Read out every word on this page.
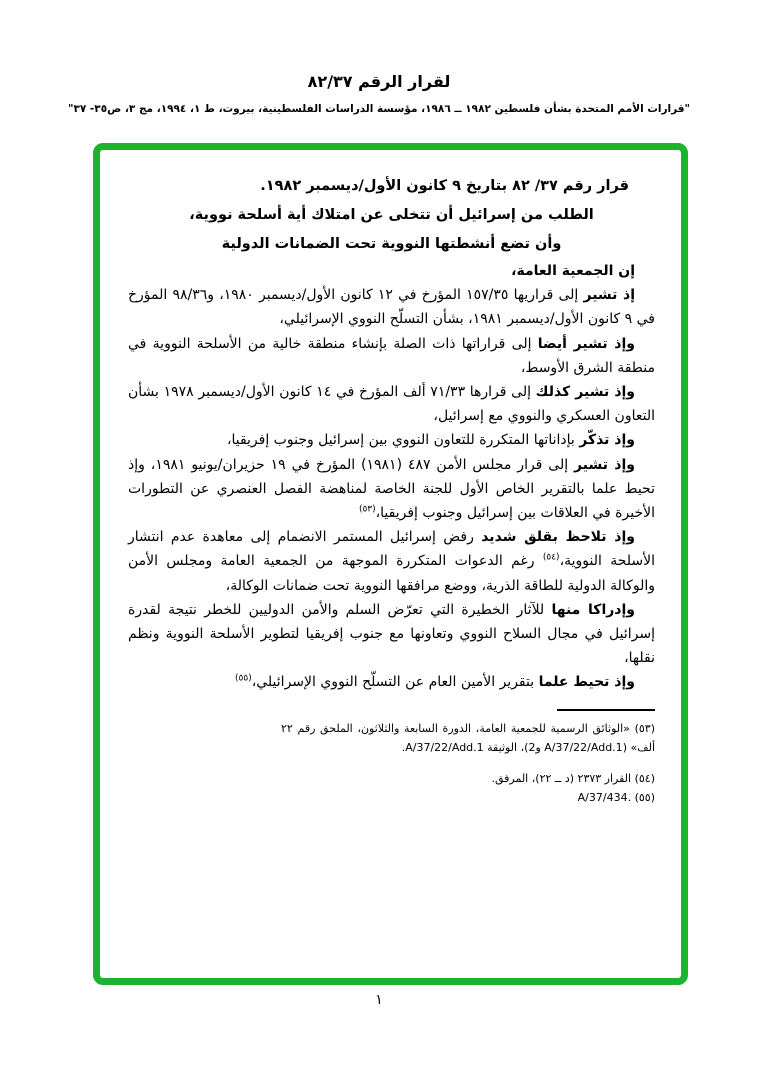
لقرار الرقم ٨٢/٣٧
"قرارات الأمم المتحدة بشأن فلسطين ١٩٨٢ ــ ١٩٨٦، مؤسسة الدراسات الفلسطينية، بيروت، ط ١، ١٩٩٤، مج ٣، ص٣٥- ٣٧"

قرار رقم ٣٧/ ٨٢ بتاريخ ٩ كانون الأول/ديسمبر ١٩٨٢.

الطلب من إسرائيل أن تتخلى عن امتلاك أية أسلحة نووية،

وأن تضع أنشطتها النووية تحت الضمانات الدولية

إن الجمعية العامة،

إذ تشير إلى قراريها ١٥٧/٣٥ المؤرخ في ١٢ كانون الأول/ديسمبر ١٩٨٠، و٩٨/٣٦ المؤرخ في ٩ كانون الأول/ديسمبر ١٩٨١، بشأن التسلّح النووي الإسرائيلي،

وإذ تشير أيضا إلى قراراتها ذات الصلة بإنشاء منطقة خالية من الأسلحة النووية في منطقة الشرق الأوسط،

وإذ تشير كذلك إلى قرارها ٧١/٣٣ ألف المؤرخ في ١٤ كانون الأول/ديسمبر ١٩٧٨ بشأن التعاون العسكري والنووي مع إسرائيل،

وإذ تذكّر بإداناتها المتكررة للتعاون النووي بين إسرائيل وجنوب إفريقيا،

وإذ تشير إلى قرار مجلس الأمن ٤٨٧ (١٩٨١) المؤرخ في ١٩ حزيران/يونيو ١٩٨١، وإذ تحيط علما بالتقرير الخاص الأول للجنة الخاصة لمناهضة الفصل العنصري عن التطورات الأخيرة في العلاقات بين إسرائيل وجنوب إفريقيا،$^{(٥٣)}$

وإذ تلاحظ بقلق شديد رفض إسرائيل المستمر الانضمام إلى معاهدة عدم انتشار الأسلحة النووية،$^{(٥٤)}$ رغم الدعوات المتكررة الموجهة من الجمعية العامة ومجلس الأمن والوكالة الدولية للطاقة الذرية، ووضع مرافقها النووية تحت ضمانات الوكالة،

وإدراكا منها للآثار الخطيرة التي تعرّض السلم والأمن الدوليين للخطر نتيجة لقدرة إسرائيل في مجال السلاح النووي وتعاونها مع جنوب إفريقيا لتطوير الأسلحة النووية ونظم نقلها،

وإذ تحيط علما بتقرير الأمين العام عن التسلّح النووي الإسرائيلي،$^{(٥٥)}$

(٥٣) «الوثائق الرسمية للجمعية العامة، الدورة السابعة والثلاثون، الملحق رقم ٢٢ ألف» (A/37/22/Add.1 و2)، الوثيقة A/37/22/Add.1.

(٥٤) القرار ٢٣٧٣ (د ــ ٢٢)، المرفق.

(٥٥) A/37/434.‎

١
